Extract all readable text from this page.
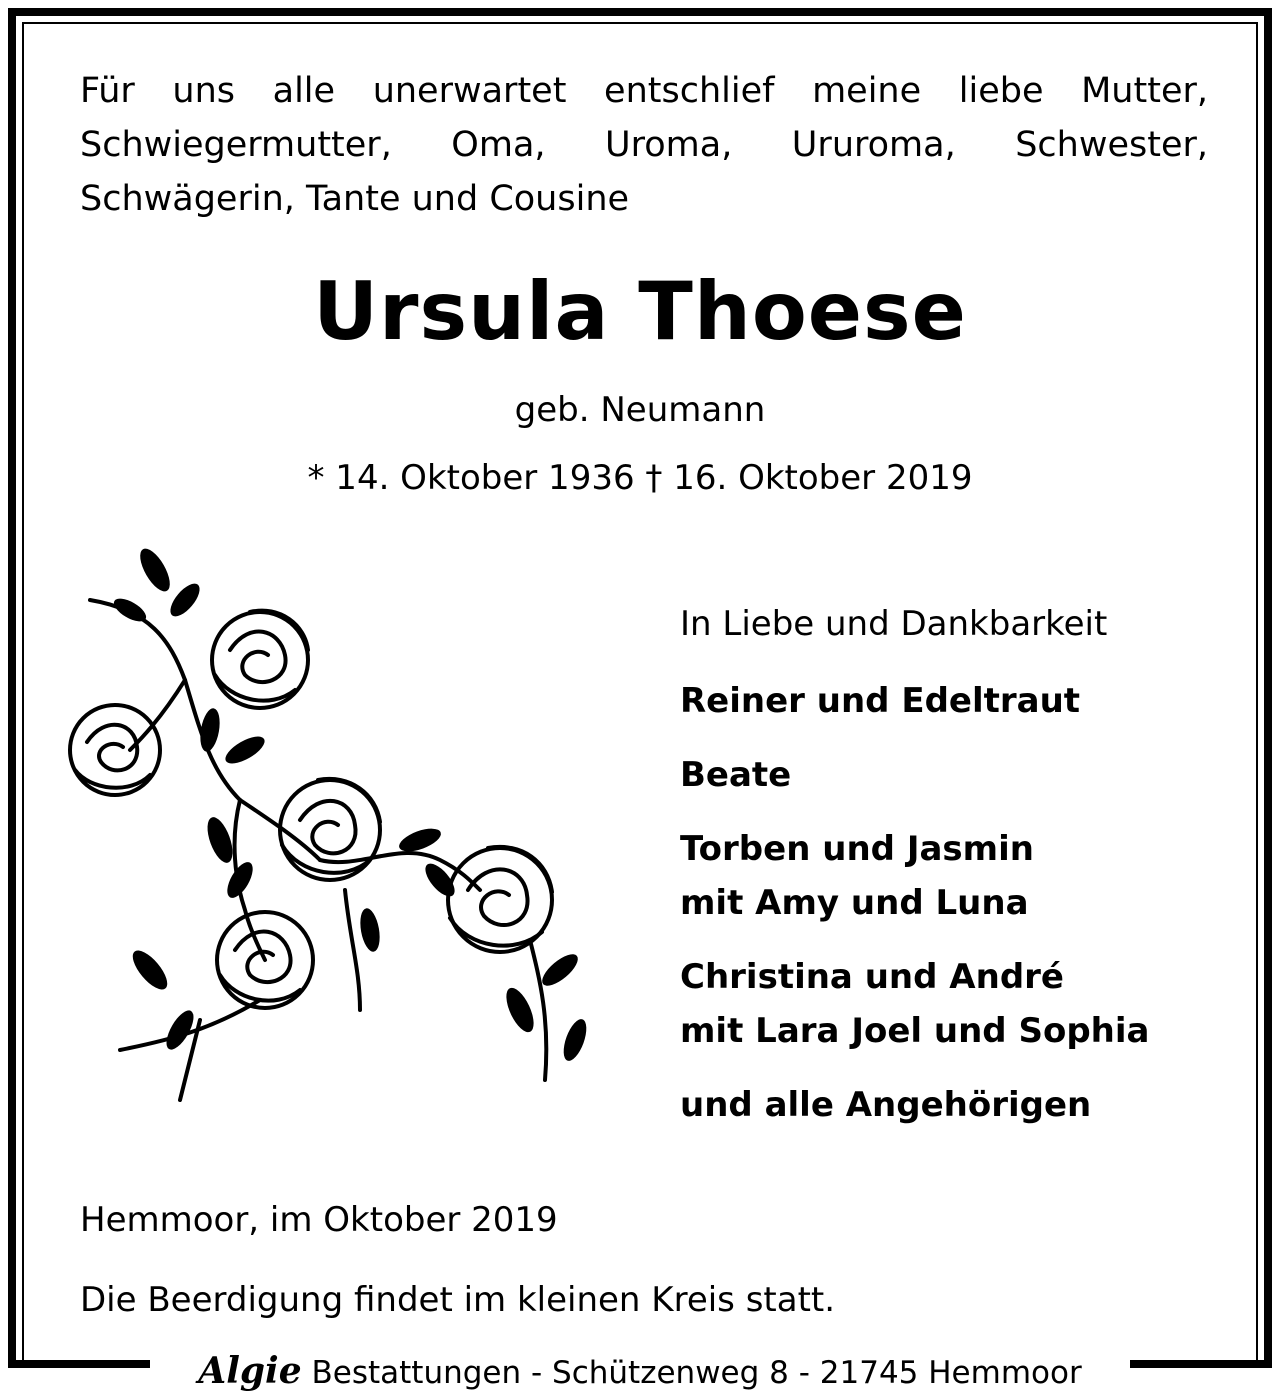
Für uns alle unerwartet entschlief meine liebe Mutter,
Schwiegermutter, Oma, Uroma, Ururoma, Schwester,
Schwägerin, Tante und Cousine
Ursula Thoese
geb. Neumann
* 14. Oktober 1936 † 16. Oktober 2019
In Liebe und Dankbarkeit
Reiner und Edeltraut
Beate
Torben und Jasmin
mit Amy und Luna
Christina und André
mit Lara Joel und Sophia
und alle Angehörigen
Hemmoor, im Oktober 2019
Die Beerdigung findet im kleinen Kreis statt.
Algie Bestattungen - Schützenweg 8 - 21745 Hemmoor
